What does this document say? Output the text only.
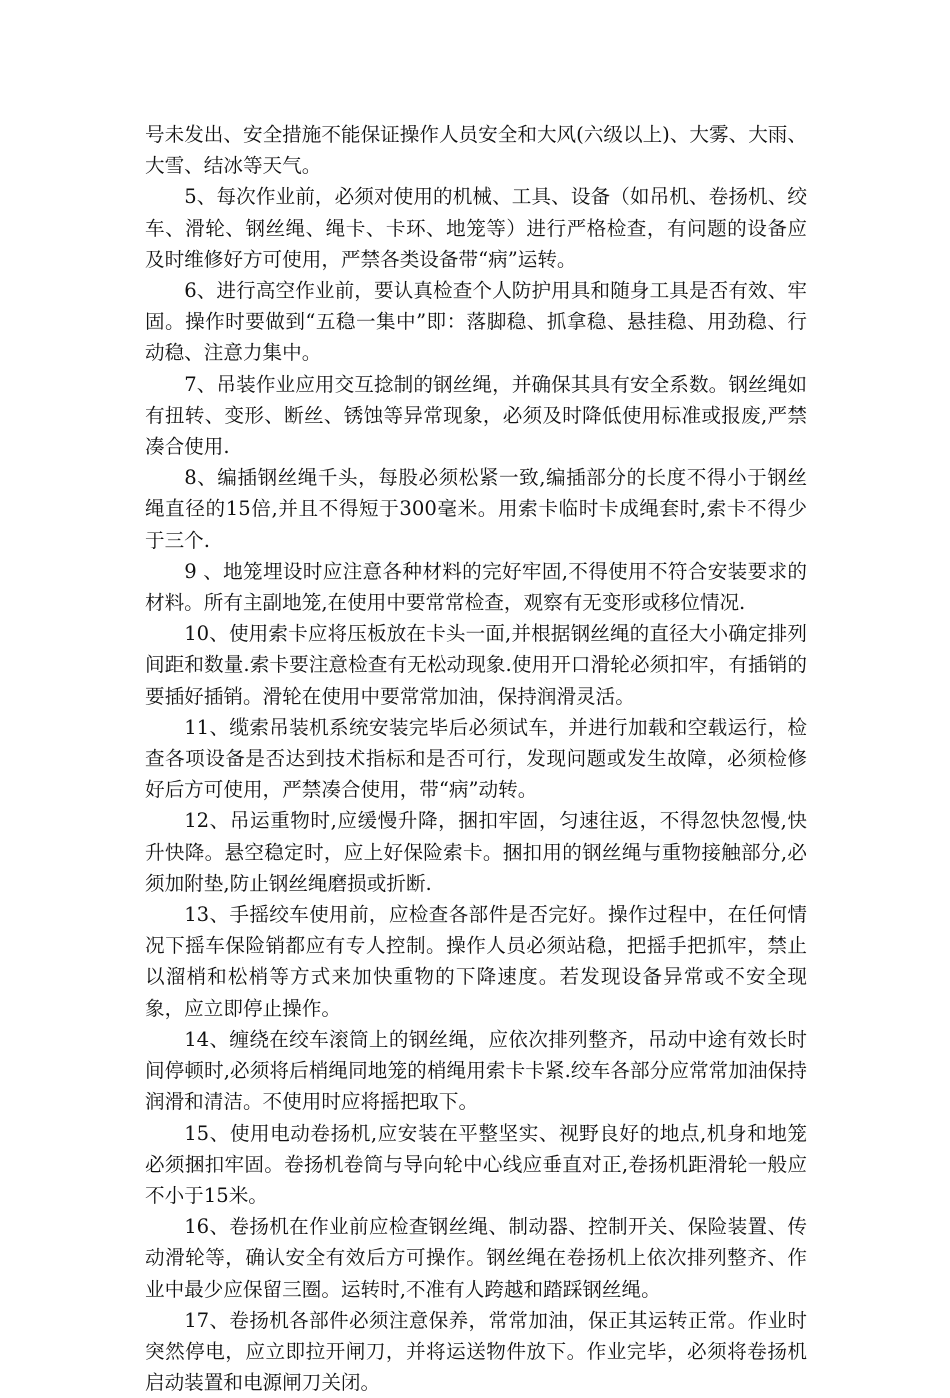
号未发出、安全措施不能保证操作人员安全和大风(六级以上)、大雾、大雨、大雪、结冰等天气。

5、每次作业前，必须对使用的机械、工具、设备（如吊机、卷扬机、绞车、滑轮、钢丝绳、绳卡、卡环、地笼等）进行严格检查，有问题的设备应及时维修好方可使用，严禁各类设备带“病”运转。

6、进行高空作业前，要认真检查个人防护用具和随身工具是否有效、牢固。操作时要做到“五稳一集中”即：落脚稳、抓拿稳、悬挂稳、用劲稳、行动稳、注意力集中。

7、吊装作业应用交互捻制的钢丝绳，并确保其具有安全系数。钢丝绳如有扭转、变形、断丝、锈蚀等异常现象，必须及时降低使用标准或报废,严禁凑合使用.

8、编插钢丝绳千头，每股必须松紧一致,编插部分的长度不得小于钢丝绳直径的15倍,并且不得短于300毫米。用索卡临时卡成绳套时,索卡不得少于三个.

9 、地笼埋设时应注意各种材料的完好牢固,不得使用不符合安装要求的材料。所有主副地笼,在使用中要常常检查，观察有无变形或移位情况.

10、使用索卡应将压板放在卡头一面,并根据钢丝绳的直径大小确定排列间距和数量.索卡要注意检查有无松动现象.使用开口滑轮必须扣牢，有插销的要插好插销。滑轮在使用中要常常加油，保持润滑灵活。

11、缆索吊装机系统安装完毕后必须试车，并进行加载和空载运行，检查各项设备是否达到技术指标和是否可行，发现问题或发生故障，必须检修好后方可使用，严禁凑合使用，带“病”动转。

12、吊运重物时,应缓慢升降，捆扣牢固，匀速往返，不得忽快忽慢,快升快降。悬空稳定时，应上好保险索卡。捆扣用的钢丝绳与重物接触部分,必须加附垫,防止钢丝绳磨损或折断.

13、手摇绞车使用前，应检查各部件是否完好。操作过程中，在任何情况下摇车保险销都应有专人控制。操作人员必须站稳，把摇手把抓牢，禁止以溜梢和松梢等方式来加快重物的下降速度。若发现设备异常或不安全现象，应立即停止操作。

14、缠绕在绞车滚筒上的钢丝绳，应依次排列整齐，吊动中途有效长时间停顿时,必须将后梢绳同地笼的梢绳用索卡卡紧.绞车各部分应常常加油保持润滑和清洁。不使用时应将摇把取下。

15、使用电动卷扬机,应安装在平整坚实、视野良好的地点,机身和地笼必须捆扣牢固。卷扬机卷筒与导向轮中心线应垂直对正,卷扬机距滑轮一般应不小于15米。

16、卷扬机在作业前应检查钢丝绳、制动器、控制开关、保险装置、传动滑轮等，确认安全有效后方可操作。钢丝绳在卷扬机上依次排列整齐、作业中最少应保留三圈。运转时,不准有人跨越和踏踩钢丝绳。

17、卷扬机各部件必须注意保养，常常加油，保正其运转正常。作业时突然停电，应立即拉开闸刀，并将运送物件放下。作业完毕，必须将卷扬机启动装置和电源闸刀关闭。
